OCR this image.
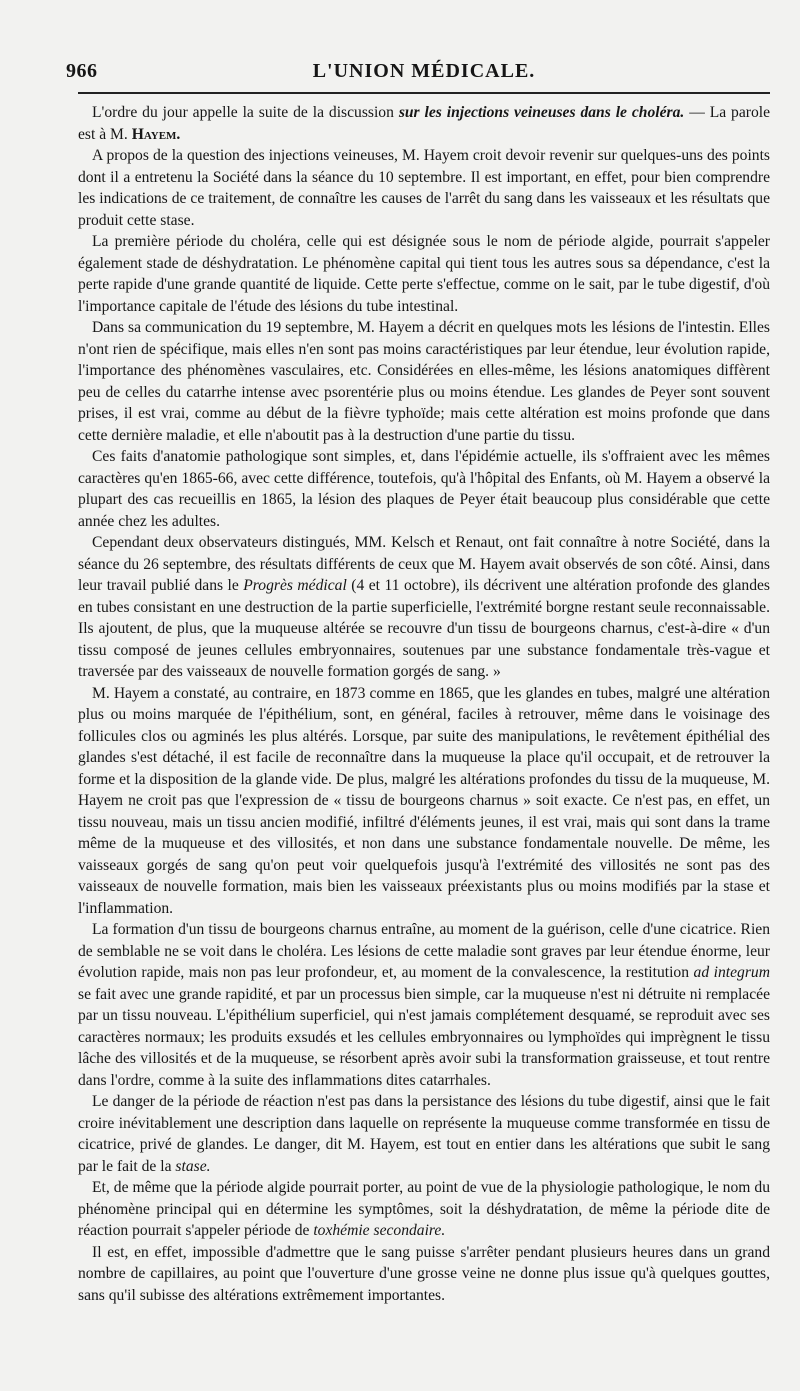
966	L'UNION MÉDICALE.

L'ordre du jour appelle la suite de la discussion sur les injections veineuses dans le choléra. — La parole est à M. Hayem.

A propos de la question des injections veineuses, M. Hayem croit devoir revenir sur quelques-uns des points dont il a entretenu la Société dans la séance du 10 septembre. Il est important, en effet, pour bien comprendre les indications de ce traitement, de connaître les causes de l'arrêt du sang dans les vaisseaux et les résultats que produit cette stase.

La première période du choléra, celle qui est désignée sous le nom de période algide, pourrait s'appeler également stade de déshydratation. Le phénomène capital qui tient tous les autres sous sa dépendance, c'est la perte rapide d'une grande quantité de liquide. Cette perte s'effectue, comme on le sait, par le tube digestif, d'où l'importance capitale de l'étude des lésions du tube intestinal.

Dans sa communication du 19 septembre, M. Hayem a décrit en quelques mots les lésions de l'intestin. Elles n'ont rien de spécifique, mais elles n'en sont pas moins caractéristiques par leur étendue, leur évolution rapide, l'importance des phénomènes vasculaires, etc. Considérées en elles-même, les lésions anatomiques diffèrent peu de celles du catarrhe intense avec psorentérie plus ou moins étendue. Les glandes de Peyer sont souvent prises, il est vrai, comme au début de la fièvre typhoïde; mais cette altération est moins profonde que dans cette dernière maladie, et elle n'aboutit pas à la destruction d'une partie du tissu.

Ces faits d'anatomie pathologique sont simples, et, dans l'épidémie actuelle, ils s'offraient avec les mêmes caractères qu'en 1865-66, avec cette différence, toutefois, qu'à l'hôpital des Enfants, où M. Hayem a observé la plupart des cas recueillis en 1865, la lésion des plaques de Peyer était beaucoup plus considérable que cette année chez les adultes.

Cependant deux observateurs distingués, MM. Kelsch et Renaut, ont fait connaître à notre Société, dans la séance du 26 septembre, des résultats différents de ceux que M. Hayem avait observés de son côté. Ainsi, dans leur travail publié dans le Progrès médical (4 et 11 octobre), ils décrivent une altération profonde des glandes en tubes consistant en une destruction de la partie superficielle, l'extrémité borgne restant seule reconnaissable. Ils ajoutent, de plus, que la muqueuse altérée se recouvre d'un tissu de bourgeons charnus, c'est-à-dire « d'un tissu composé de jeunes cellules embryonnaires, soutenues par une substance fondamentale très-vague et traversée par des vaisseaux de nouvelle formation gorgés de sang. »

M. Hayem a constaté, au contraire, en 1873 comme en 1865, que les glandes en tubes, malgré une altération plus ou moins marquée de l'épithélium, sont, en général, faciles à retrouver, même dans le voisinage des follicules clos ou agminés les plus altérés. Lorsque, par suite des manipulations, le revêtement épithélial des glandes s'est détaché, il est facile de reconnaître dans la muqueuse la place qu'il occupait, et de retrouver la forme et la disposition de la glande vide. De plus, malgré les altérations profondes du tissu de la muqueuse, M. Hayem ne croit pas que l'expression de « tissu de bourgeons charnus » soit exacte. Ce n'est pas, en effet, un tissu nouveau, mais un tissu ancien modifié, infiltré d'éléments jeunes, il est vrai, mais qui sont dans la trame même de la muqueuse et des villosités, et non dans une substance fondamentale nouvelle. De même, les vaisseaux gorgés de sang qu'on peut voir quelquefois jusqu'à l'extrémité des villosités ne sont pas des vaisseaux de nouvelle formation, mais bien les vaisseaux préexistants plus ou moins modifiés par la stase et l'inflammation.

La formation d'un tissu de bourgeons charnus entraîne, au moment de la guérison, celle d'une cicatrice. Rien de semblable ne se voit dans le choléra. Les lésions de cette maladie sont graves par leur étendue énorme, leur évolution rapide, mais non pas leur profondeur, et, au moment de la convalescence, la restitution ad integrum se fait avec une grande rapidité, et par un processus bien simple, car la muqueuse n'est ni détruite ni remplacée par un tissu nouveau. L'épithélium superficiel, qui n'est jamais complétement desquamé, se reproduit avec ses caractères normaux; les produits exsudés et les cellules embryonnaires ou lymphoïdes qui imprègnent le tissu lâche des villosités et de la muqueuse, se résorbent après avoir subi la transformation graisseuse, et tout rentre dans l'ordre, comme à la suite des inflammations dites catarrhales.

Le danger de la période de réaction n'est pas dans la persistance des lésions du tube digestif, ainsi que le fait croire inévitablement une description dans laquelle on représente la muqueuse comme transformée en tissu de cicatrice, privé de glandes. Le danger, dit M. Hayem, est tout en entier dans les altérations que subit le sang par le fait de la stase.

Et, de même que la période algide pourrait porter, au point de vue de la physiologie pathologique, le nom du phénomène principal qui en détermine les symptômes, soit la déshydratation, de même la période dite de réaction pourrait s'appeler période de toxhémie secondaire.

Il est, en effet, impossible d'admettre que le sang puisse s'arrêter pendant plusieurs heures dans un grand nombre de capillaires, au point que l'ouverture d'une grosse veine ne donne plus issue qu'à quelques gouttes, sans qu'il subisse des altérations extrêmement importantes.
